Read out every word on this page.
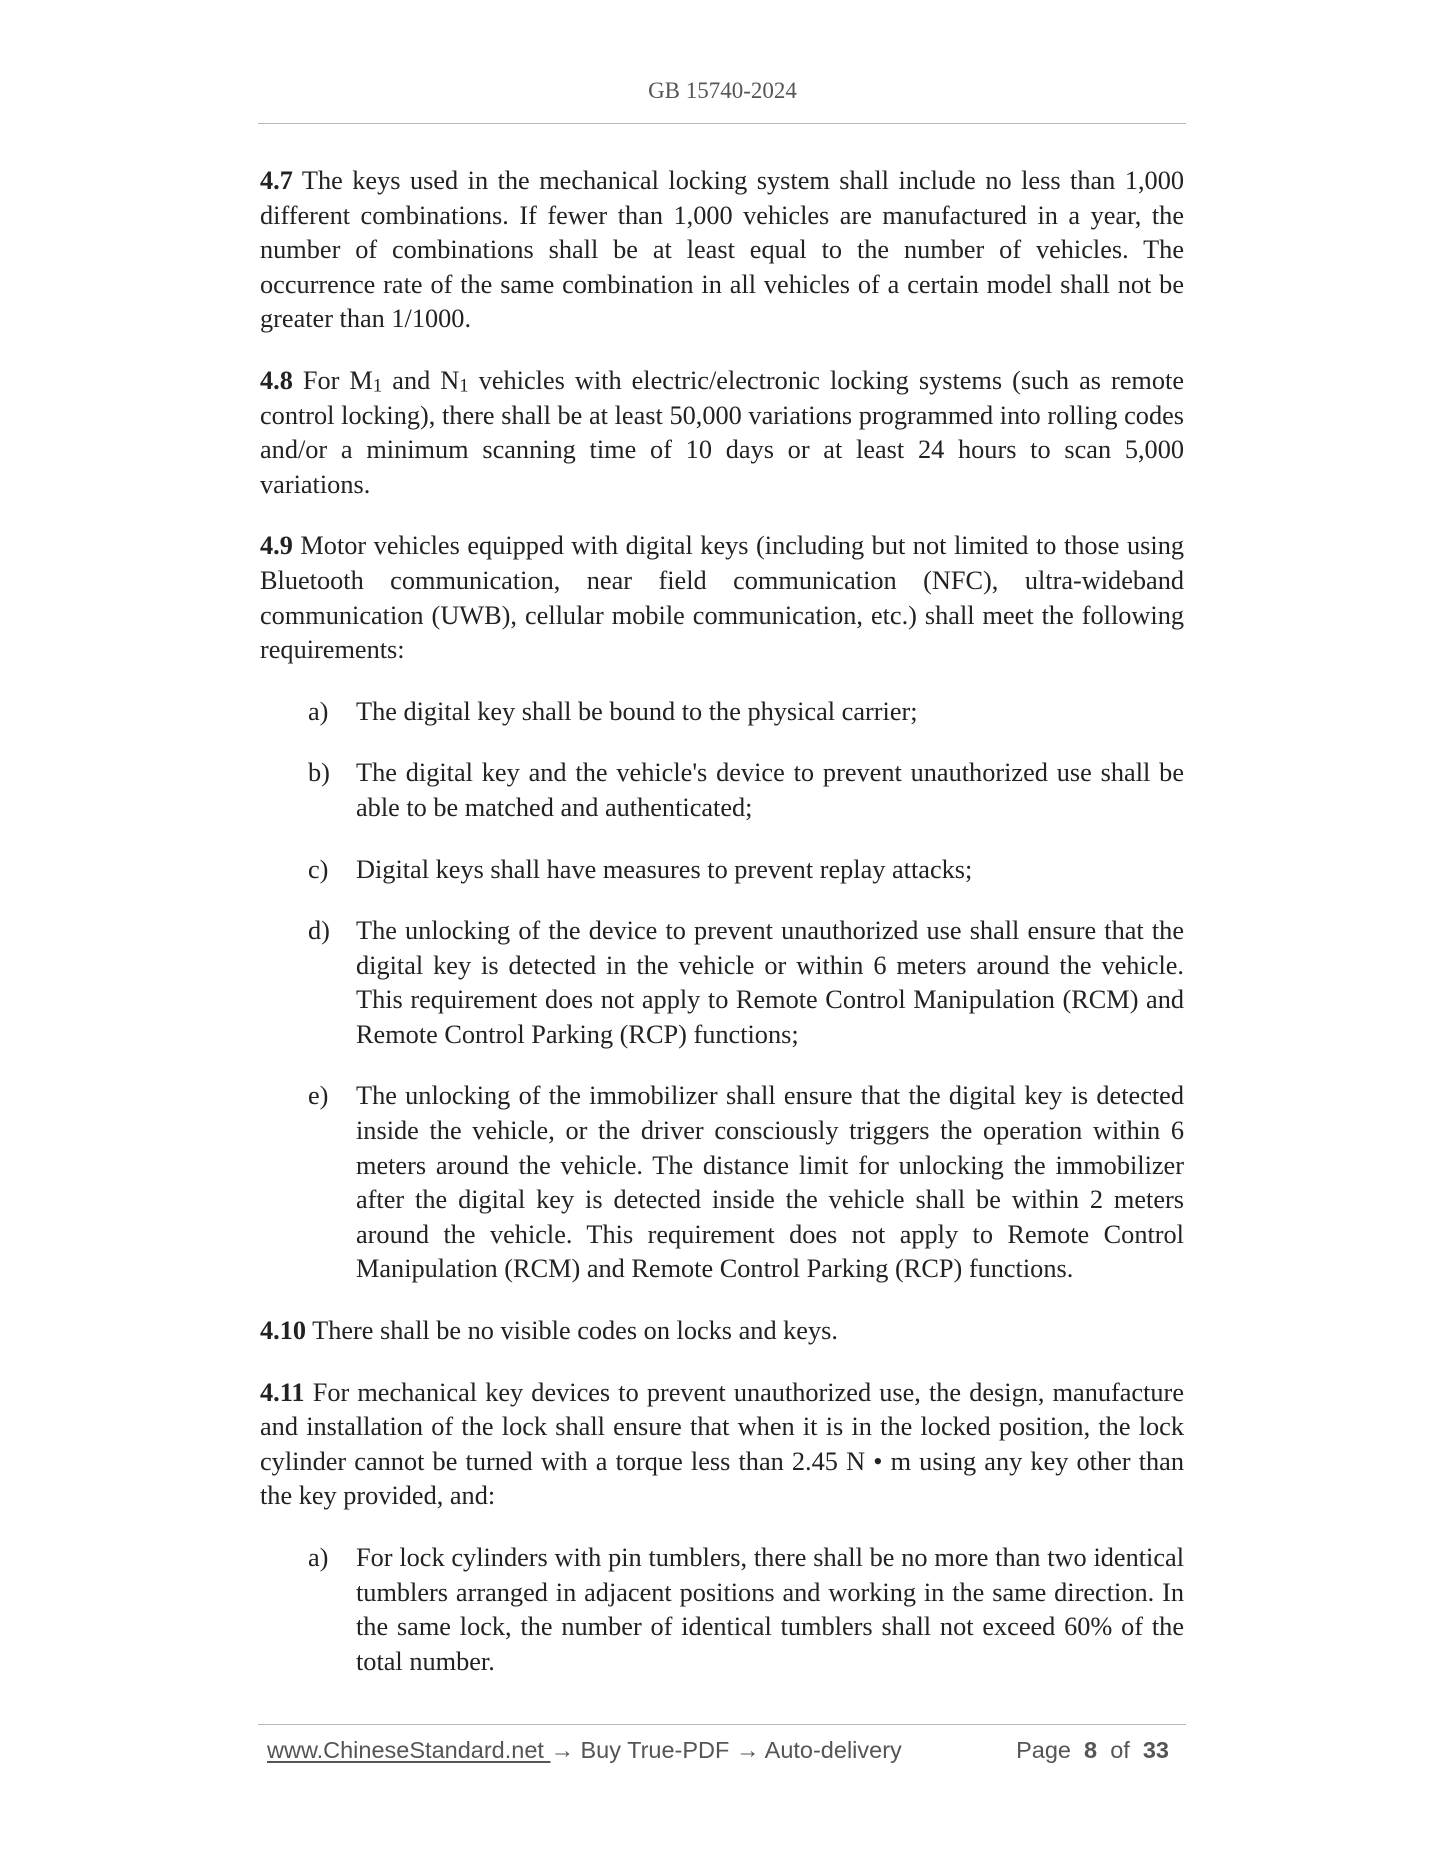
GB 15740-2024

4.7 The keys used in the mechanical locking system shall include no less than 1,000 different combinations. If fewer than 1,000 vehicles are manufactured in a year, the number of combinations shall be at least equal to the number of vehicles. The occurrence rate of the same combination in all vehicles of a certain model shall not be greater than 1/1000.

4.8 For $M_1$ and $N_1$ vehicles with electric/electronic locking systems (such as remote control locking), there shall be at least 50,000 variations programmed into rolling codes and/or a minimum scanning time of 10 days or at least 24 hours to scan 5,000 variations.

4.9 Motor vehicles equipped with digital keys (including but not limited to those using Bluetooth communication, near field communication (NFC), ultra-wideband communication (UWB), cellular mobile communication, etc.) shall meet the following requirements:

a) The digital key shall be bound to the physical carrier;
b) The digital key and the vehicle's device to prevent unauthorized use shall be able to be matched and authenticated;
c) Digital keys shall have measures to prevent replay attacks;
d) The unlocking of the device to prevent unauthorized use shall ensure that the digital key is detected in the vehicle or within 6 meters around the vehicle. This requirement does not apply to Remote Control Manipulation (RCM) and Remote Control Parking (RCP) functions;
e) The unlocking of the immobilizer shall ensure that the digital key is detected inside the vehicle, or the driver consciously triggers the operation within 6 meters around the vehicle. The distance limit for unlocking the immobilizer after the digital key is detected inside the vehicle shall be within 2 meters around the vehicle. This requirement does not apply to Remote Control Manipulation (RCM) and Remote Control Parking (RCP) functions.

4.10 There shall be no visible codes on locks and keys.

4.11 For mechanical key devices to prevent unauthorized use, the design, manufacture and installation of the lock shall ensure that when it is in the locked position, the lock cylinder cannot be turned with a torque less than 2.45 N • m using any key other than the key provided, and:

a) For lock cylinders with pin tumblers, there shall be no more than two identical tumblers arranged in adjacent positions and working in the same direction. In the same lock, the number of identical tumblers shall not exceed 60% of the total number.
www.ChineseStandard.net → Buy True-PDF → Auto-delivery	Page 8 of 33
